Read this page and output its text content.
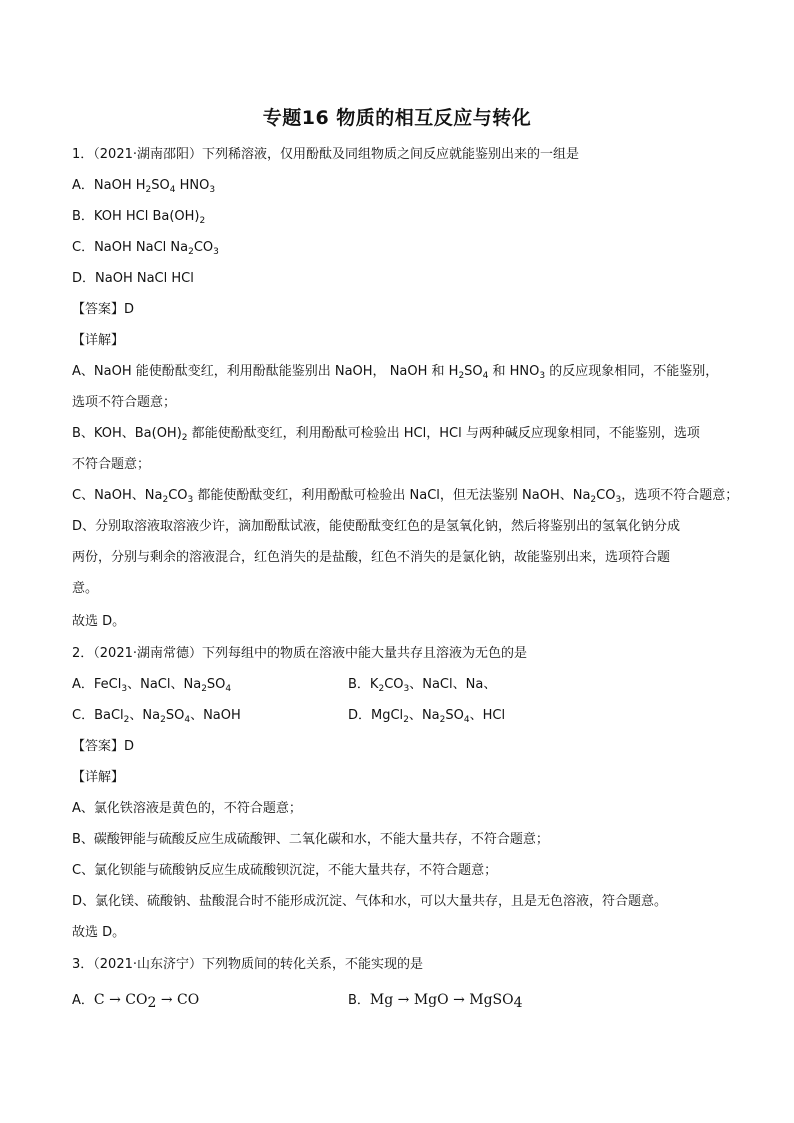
专题16 物质的相互反应与转化
1．（2021·湖南邵阳）下列稀溶液，仅用酚酞及同组物质之间反应就能鉴别出来的一组是
A．NaOH $H_2SO_4$ $HNO_3$
B．KOH HCl $Ba(OH)_2$
C．NaOH NaCl $Na_2CO_3$
D．NaOH NaCl HCl
【答案】D
【详解】
A、NaOH 能使酚酞变红，利用酚酞能鉴别出 NaOH， NaOH 和 $H_2SO_4$ 和 $HNO_3$ 的反应现象相同，不能鉴别，
选项不符合题意；
B、KOH、$Ba(OH)_2$ 都能使酚酞变红，利用酚酞可检验出 HCl，HCl 与两种碱反应现象相同，不能鉴别，选项
不符合题意；
C、NaOH、$Na_2CO_3$ 都能使酚酞变红，利用酚酞可检验出 NaCl，但无法鉴别 NaOH、$Na_2CO_3$，选项不符合题意；
D、分别取溶液取溶液少许，滴加酚酞试液，能使酚酞变红色的是氢氧化钠，然后将鉴别出的氢氧化钠分成
两份，分别与剩余的溶液混合，红色消失的是盐酸，红色不消失的是氯化钠，故能鉴别出来，选项符合题
意。
故选 D。
2．（2021·湖南常德）下列每组中的物质在溶液中能大量共存且溶液为无色的是
A．FeCl$_3$、NaCl、$Na_2SO_4$	B．$K_2CO_3$、NaCl、Na、
C．BaCl$_2$、$Na_2SO_4$、NaOH	D．MgCl$_2$、$Na_2SO_4$、HCl
【答案】D
【详解】
A、氯化铁溶液是黄色的，不符合题意；
B、碳酸钾能与硫酸反应生成硫酸钾、二氧化碳和水，不能大量共存，不符合题意；
C、氯化钡能与硫酸钠反应生成硫酸钡沉淀，不能大量共存，不符合题意；
D、氯化镁、硫酸钠、盐酸混合时不能形成沉淀、气体和水，可以大量共存，且是无色溶液，符合题意。
故选 D。
3．（2021·山东济宁）下列物质间的转化关系，不能实现的是
A．$C \to CO_2$ → CO	B．Mg → MgO → MgSO$_4$
